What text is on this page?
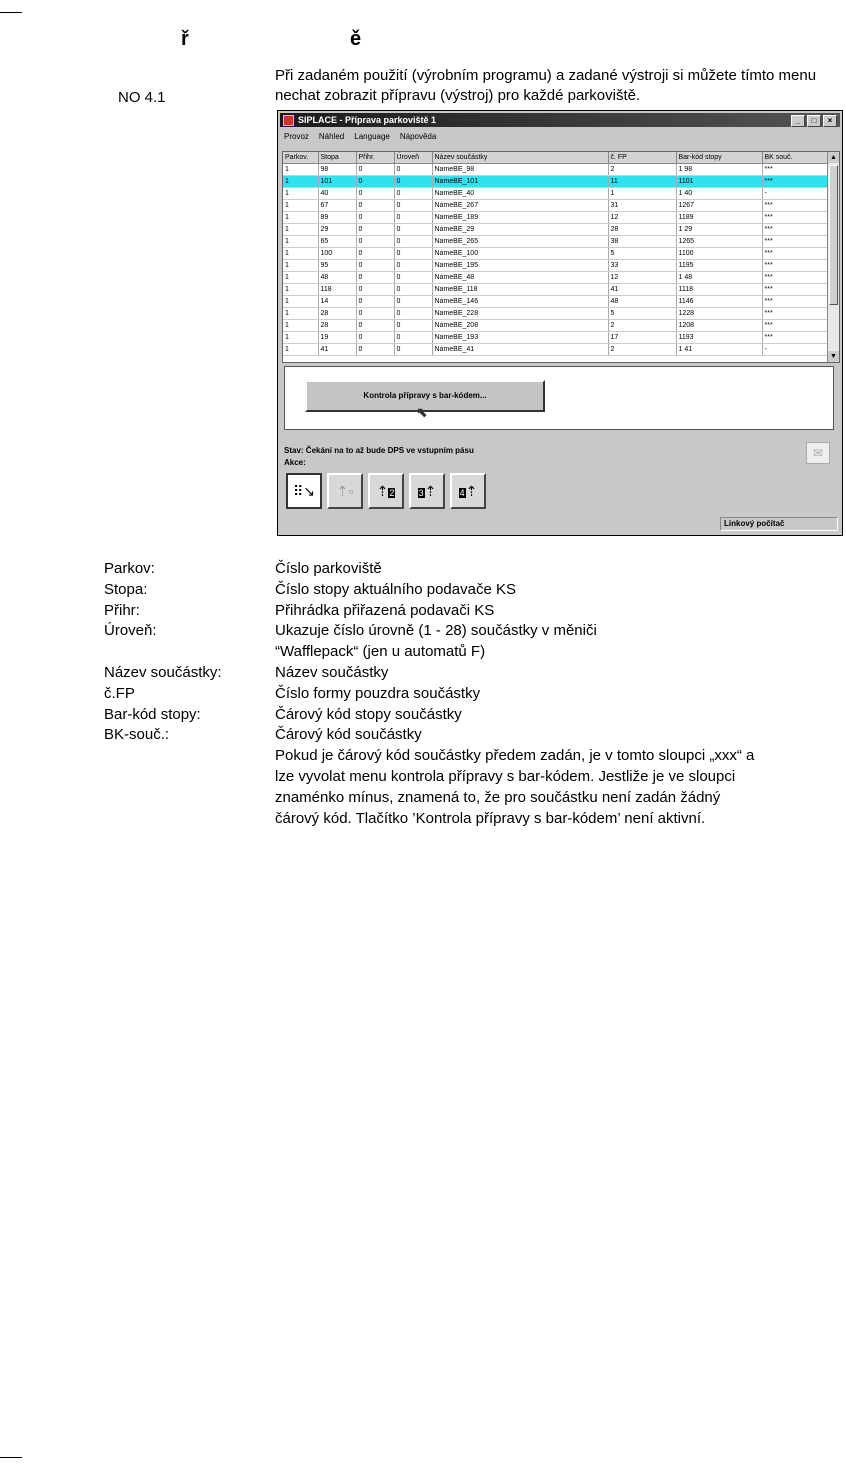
ř	ě
NO 4.1
Při zadaném použití (výrobním programu) a zadané výstroji si můžete tímto menu nechat zobrazit přípravu (výstroj) pro každé parkoviště.
SIPLACE - Příprava parkoviště 1	_	□	×
Provoz Náhled Language Nápověda
Parkov.	Stopa	Přihr.	Úroveň	Název součástky	č. FP	Bar-kód stopy	BK souč.
1	98	0	0	NameBE_98	2	1 98	***
1	101	0	0	NameBE_101	11	1101	***
1	40	0	0	NameBE_40	1	1 40	-
1	67	0	0	NameBE_267	31	1267	***
1	89	0	0	NameBE_189	12	1189	***
1	29	0	0	NameBE_29	28	1 29	***
1	65	0	0	NameBE_265	38	1265	***
1	100	0	0	NameBE_100	5	1100	***
1	95	0	0	NameBE_195	33	1195	***
1	48	0	0	NameBE_48	12	1 48	***
1	118	0	0	NameBE_118	41	1118	***
1	14	0	0	NameBE_146	48	1146	***
1	28	0	0	NameBE_228	5	1228	***
1	28	0	0	NameBE_208	2	1208	***
1	19	0	0	NameBE_193	17	1193	***
1	41	0	0	NameBE_41	2	1 41	-
▲
▼
Kontrola přípravy s bar-kódem...
⬉
Stav: Čekání na to až bude DPS ve vstupním pásu
Akce:
✉
⠿↘	⇡▫	⇡2	3⇡	4⇡
Linkový počítač
Parkov:	Číslo parkoviště
Stopa:	Číslo stopy aktuálního podavače KS
Přihr:	Přihrádka přiřazená podavači KS
Úroveň:	Ukazuje číslo úrovně (1 - 28) součástky v měniči
“Wafflepack“ (jen u automatů F)
Název součástky:	Název součástky
č.FP	Číslo formy pouzdra součástky
Bar-kód stopy:	Čárový kód stopy součástky
BK-souč.:	Čárový kód součástky
Pokud je čárový kód součástky předem zadán, je v tomto sloupci „xxx“ a
lze vyvolat menu kontrola přípravy s bar-kódem. Jestliže je ve sloupci
znaménko mínus, znamená to, že pro součástku není zadán žádný
čárový kód. Tlačítko ’Kontrola přípravy s bar-kódem’ není aktivní.
